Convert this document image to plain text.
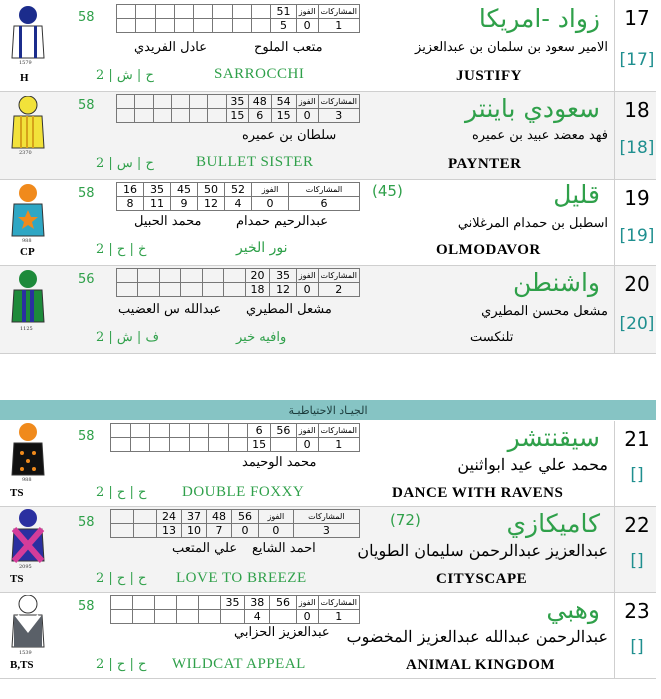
1579
H
58
ح | ش | 2
								51	الفوز	المشاركات
								5	0	1
عادل الفريدي	متعب الملوح
زواد -امريكا
الامير سعود بن سلمان بن عبدالعزيز
SARROCCHI	JUSTIFY
17
[17]
2370
58
ح | س | 2
						35	48	54	الفوز	المشاركات
						15	6	15	0	3
سلطان بن عميره
سعودي باينتر
فهد معضد عبيد بن عميره
BULLET SISTER	PAYNTER
18
[18]
988
CP
58
خ | ح | 2
16	35	45	50	52	الفوز	المشاركات
8	11	9	12	4	0	6
محمد الحبيل	عبدالرحيم حمدام
(45)	قليل
اسطبل بن حمدام المرغلاني
نور الخير	OLMODAVOR
19
[19]
1125
56
ف | ش | 2
						20	35	الفوز	المشاركات
						18	12	0	2
عبدالله س العضيب مشعل المطيري
واشنطن
مشعل محسن المطيري
وافيه خير	تلنكست
20
[20]
الجيـاد الاحتياطيـة
988
TS
58
ح | ح | 2
							6	56	الفوز	المشاركات
							15		0	1
محمد الوحيمد
سيقنتشر
محمد علي عيد ابواثنين
DOUBLE FOXXY	DANCE WITH RAVENS
21
[]
2095
TS
58
ح | ح | 2
		24	37	48	56	الفوز	المشاركات
		13	10	7	0	0	3
علي المتعب احمد الشايع
(72)	كاميكازي
عبدالعزيز عبدالرحمن سليمان الطويان
LOVE TO BREEZE	CITYSCAPE
22
[]
1539
B,TS
58
ح | ح | 2
					35	38	56	الفوز	المشاركات
						4		0	1
عبدالعزيز الحزابي
وهبي
عبدالرحمن عبدالله عبدالعزيز المخضوب
WILDCAT APPEAL	ANIMAL KINGDOM
23
[]
